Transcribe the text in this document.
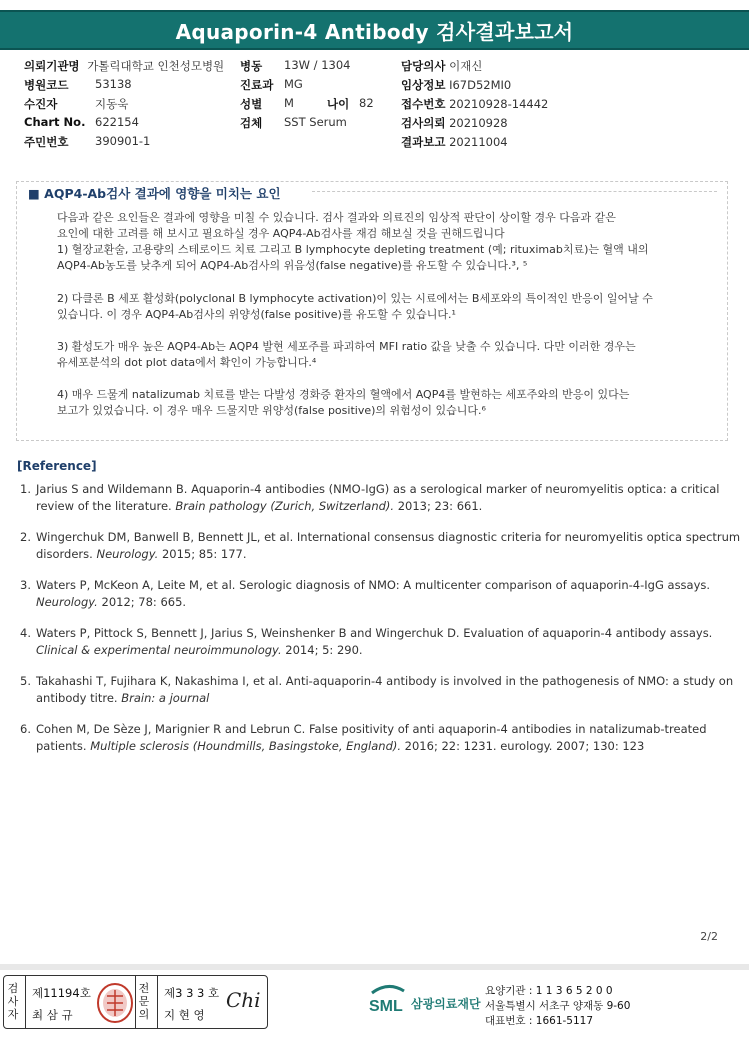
Aquaporin-4 Antibody 검사결과보고서
의뢰기관명 가톨릭대학교 인천성모병원 병동 13W / 1304	담당의사 이재신
병원코드 53138	진료과 MG	임상정보 I67D52MI0
수진자	지동욱	성별 M	나이 82 접수번호 20210928-14442
Chart No. 622154	검체 SST Serum	검사의뢰 20210928
주민번호 390901-1	결과보고 20211004
■ AQP4-Ab검사 결과에 영향을 미치는 요인
다음과 같은 요인들은 결과에 영향을 미칠 수 있습니다. 검사 결과와 의료진의 임상적 판단이 상이할 경우 다음과 같은
요인에 대한 고려를 해 보시고 필요하실 경우 AQP4-Ab검사를 재검 해보실 것을 권해드립니다
1) 혈장교환술, 고용량의 스테로이드 치료 그리고 B lymphocyte depleting treatment (예; rituximab치료)는 혈액 내의
AQP4-Ab농도를 낮추게 되어 AQP4-Ab검사의 위음성(false negative)를 유도할 수 있습니다.³, ⁵
2) 다클론 B 세포 활성화(polyclonal B lymphocyte activation)이 있는 시료에서는 B세포와의 특이적인 반응이 일어날 수
있습니다. 이 경우 AQP4-Ab검사의 위양성(false positive)를 유도할 수 있습니다.¹
3) 활성도가 매우 높은 AQP4-Ab는 AQP4 발현 세포주를 파괴하여 MFI ratio 값을 낮출 수 있습니다. 다만 이러한 경우는
유세포분석의 dot plot data에서 확인이 가능합니다.⁴
4) 매우 드물게 natalizumab 치료를 받는 다발성 경화증 환자의 혈액에서 AQP4를 발현하는 세포주와의 반응이 있다는
보고가 있었습니다. 이 경우 매우 드물지만 위양성(false positive)의 위험성이 있습니다.⁶
[Reference]
1. Jarius S and Wildemann B. Aquaporin-4 antibodies (NMO-IgG) as a serological marker of neuromyelitis optica: a critical review of the literature. Brain pathology (Zurich, Switzerland). 2013; 23: 661.
2. Wingerchuk DM, Banwell B, Bennett JL, et al. International consensus diagnostic criteria for neuromyelitis optica spectrum disorders. Neurology. 2015; 85: 177.
3. Waters P, McKeon A, Leite M, et al. Serologic diagnosis of NMO: A multicenter comparison of aquaporin-4-IgG assays. Neurology. 2012; 78: 665.
4. Waters P, Pittock S, Bennett J, Jarius S, Weinshenker B and Wingerchuk D. Evaluation of aquaporin-4 antibody assays. Clinical & experimental neuroimmunology. 2014; 5: 290.
5. Takahashi T, Fujihara K, Nakashima I, et al. Anti-aquaporin-4 antibody is involved in the pathogenesis of NMO: a study on antibody titre. Brain: a journal
6. Cohen M, De Sèze J, Marignier R and Lebrun C. False positivity of anti aquaporin-4 antibodies in natalizumab-treated patients. Multiple sclerosis (Houndmills, Basingstoke, England). 2016; 22: 1231. eurology. 2007; 130: 123
2/2
검사자
제11194호
최 삼 규
전문의
제3 3 3 호
지 현 영
Chi	SML 삼광의료재단
요양기관 : 1 1 3 6 5 2 0 0
서울특별시 서초구 양재동 9-60
대표번호 : 1661-5117
